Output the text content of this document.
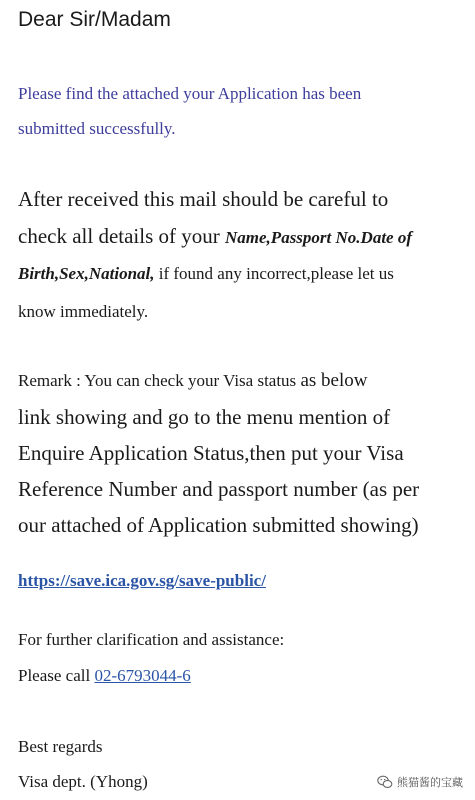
Dear Sir/Madam
Please find the attached your Application has been
submitted successfully.
After received this mail should be careful to
check all details of your Name,Passport No.Date of
Birth,Sex,National, if found any incorrect,please let us
know immediately.
Remark : You can check your Visa status as below
link showing and go to the menu mention of
Enquire Application Status,then put your Visa
Reference Number and passport number (as per
our attached of Application submitted showing)
https://save.ica.gov.sg/save-public/
For further clarification and assistance:
Please call 02-6793044-6
Best regards
Visa dept. (Yhong)	熊猫酱的宝藏
